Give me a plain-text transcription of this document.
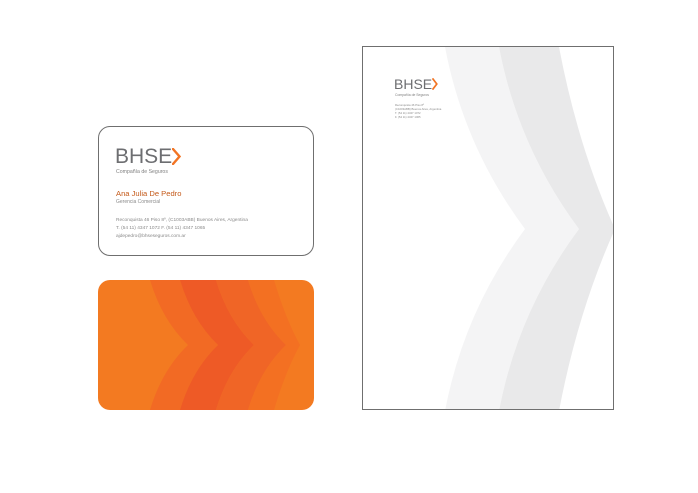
BHSE
Compañía de Seguros
Ana Julia De Pedro
Gerencia Comercial
Reconquista 46 Piso 8º, (C1003ABB) Buenos Aires, Argentina
T. (54 11) 4347 1072 F. (54 11) 4347 1065
ajdepedro@bhseseguros.com.ar
BHSE
Compañía de Seguros
Reconquista 46 Piso 8º
(C1003ABB) Buenos Aires, Argentina
T. (54 11) 4347 1072
F. (54 11) 4347 1065
